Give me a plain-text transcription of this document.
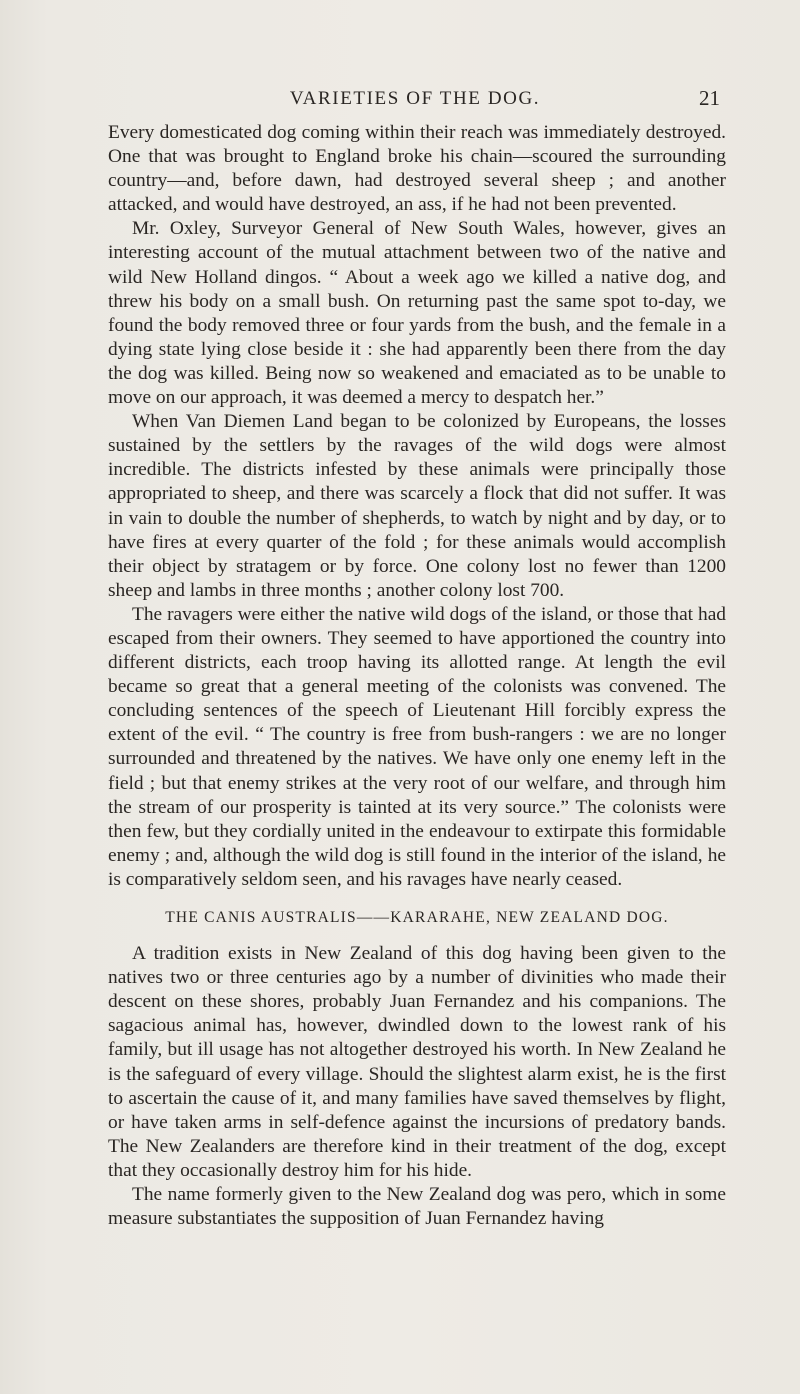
VARIETIES OF THE DOG.	21

Every domesticated dog coming within their reach was immediately destroyed. One that was brought to England broke his chain—scoured the surrounding country—and, before dawn, had destroyed several sheep ; and another attacked, and would have destroyed, an ass, if he had not been prevented.

Mr. Oxley, Surveyor General of New South Wales, however, gives an interesting account of the mutual attachment between two of the native and wild New Holland dingos. “ About a week ago we killed a native dog, and threw his body on a small bush. On returning past the same spot to-day, we found the body removed three or four yards from the bush, and the female in a dying state lying close beside it : she had apparently been there from the day the dog was killed. Being now so weakened and emaciated as to be unable to move on our approach, it was deemed a mercy to despatch her.”

When Van Diemen Land began to be colonized by Europeans, the losses sustained by the settlers by the ravages of the wild dogs were almost incredible. The districts infested by these animals were principally those appropriated to sheep, and there was scarcely a flock that did not suffer. It was in vain to double the number of shepherds, to watch by night and by day, or to have fires at every quarter of the fold ; for these animals would accomplish their object by stratagem or by force. One colony lost no fewer than 1200 sheep and lambs in three months ; another colony lost 700.

The ravagers were either the native wild dogs of the island, or those that had escaped from their owners. They seemed to have apportioned the country into different districts, each troop having its allotted range. At length the evil became so great that a general meeting of the colonists was convened. The concluding sentences of the speech of Lieutenant Hill forcibly express the extent of the evil. “ The country is free from bush-rangers : we are no longer surrounded and threatened by the natives. We have only one enemy left in the field ; but that enemy strikes at the very root of our welfare, and through him the stream of our prosperity is tainted at its very source.” The colonists were then few, but they cordially united in the endeavour to extirpate this formidable enemy ; and, although the wild dog is still found in the interior of the island, he is comparatively seldom seen, and his ravages have nearly ceased.

THE CANIS AUSTRALIS——KARARAHE, NEW ZEALAND DOG.

A tradition exists in New Zealand of this dog having been given to the natives two or three centuries ago by a number of divinities who made their descent on these shores, probably Juan Fernandez and his companions. The sagacious animal has, however, dwindled down to the lowest rank of his family, but ill usage has not altogether destroyed his worth. In New Zealand he is the safeguard of every village. Should the slightest alarm exist, he is the first to ascertain the cause of it, and many families have saved themselves by flight, or have taken arms in self-defence against the incursions of predatory bands. The New Zealanders are therefore kind in their treatment of the dog, except that they occasionally destroy him for his hide.

The name formerly given to the New Zealand dog was pero, which in some measure substantiates the supposition of Juan Fernandez having
